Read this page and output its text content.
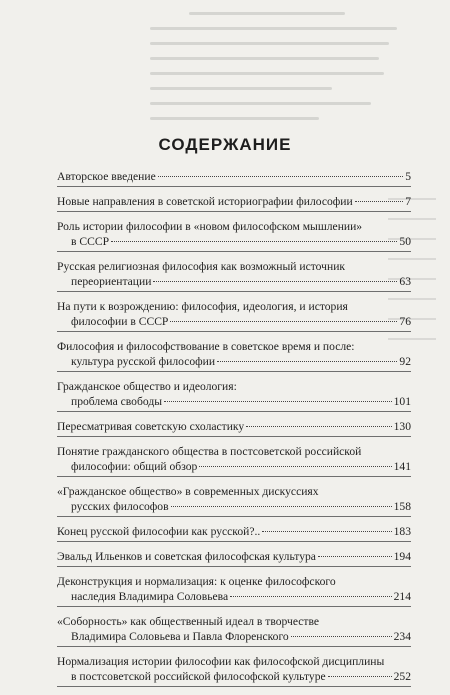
СОДЕРЖАНИЕ
Авторское введение	5
Новые направления в советской историографии философии	7
Роль истории философии в «новом философском мышлении»
в СССР	50
Русская религиозная философия как возможный источник
переориентации	63
На пути к возрождению: философия, идеология, и история
философии в СССР	76
Философия и философствование в советское время и после:
культура русской философии	92
Гражданское общество и идеология:
проблема свободы	101
Пересматривая советскую схоластику	130
Понятие гражданского общества в постсоветской российской
философии: общий обзор	141
«Гражданское общество» в современных дискуссиях
русских философов	158
Конец русской философии как русской?..	183
Эвальд Ильенков и советская философская культура	194
Деконструкция и нормализация: к оценке философского
наследия Владимира Соловьева	214
«Соборность» как общественный идеал в творчестве
Владимира Соловьева и Павла Флоренского	234
Нормализация истории философии как философской дисциплины
в постсоветской российской философской культуре	252
